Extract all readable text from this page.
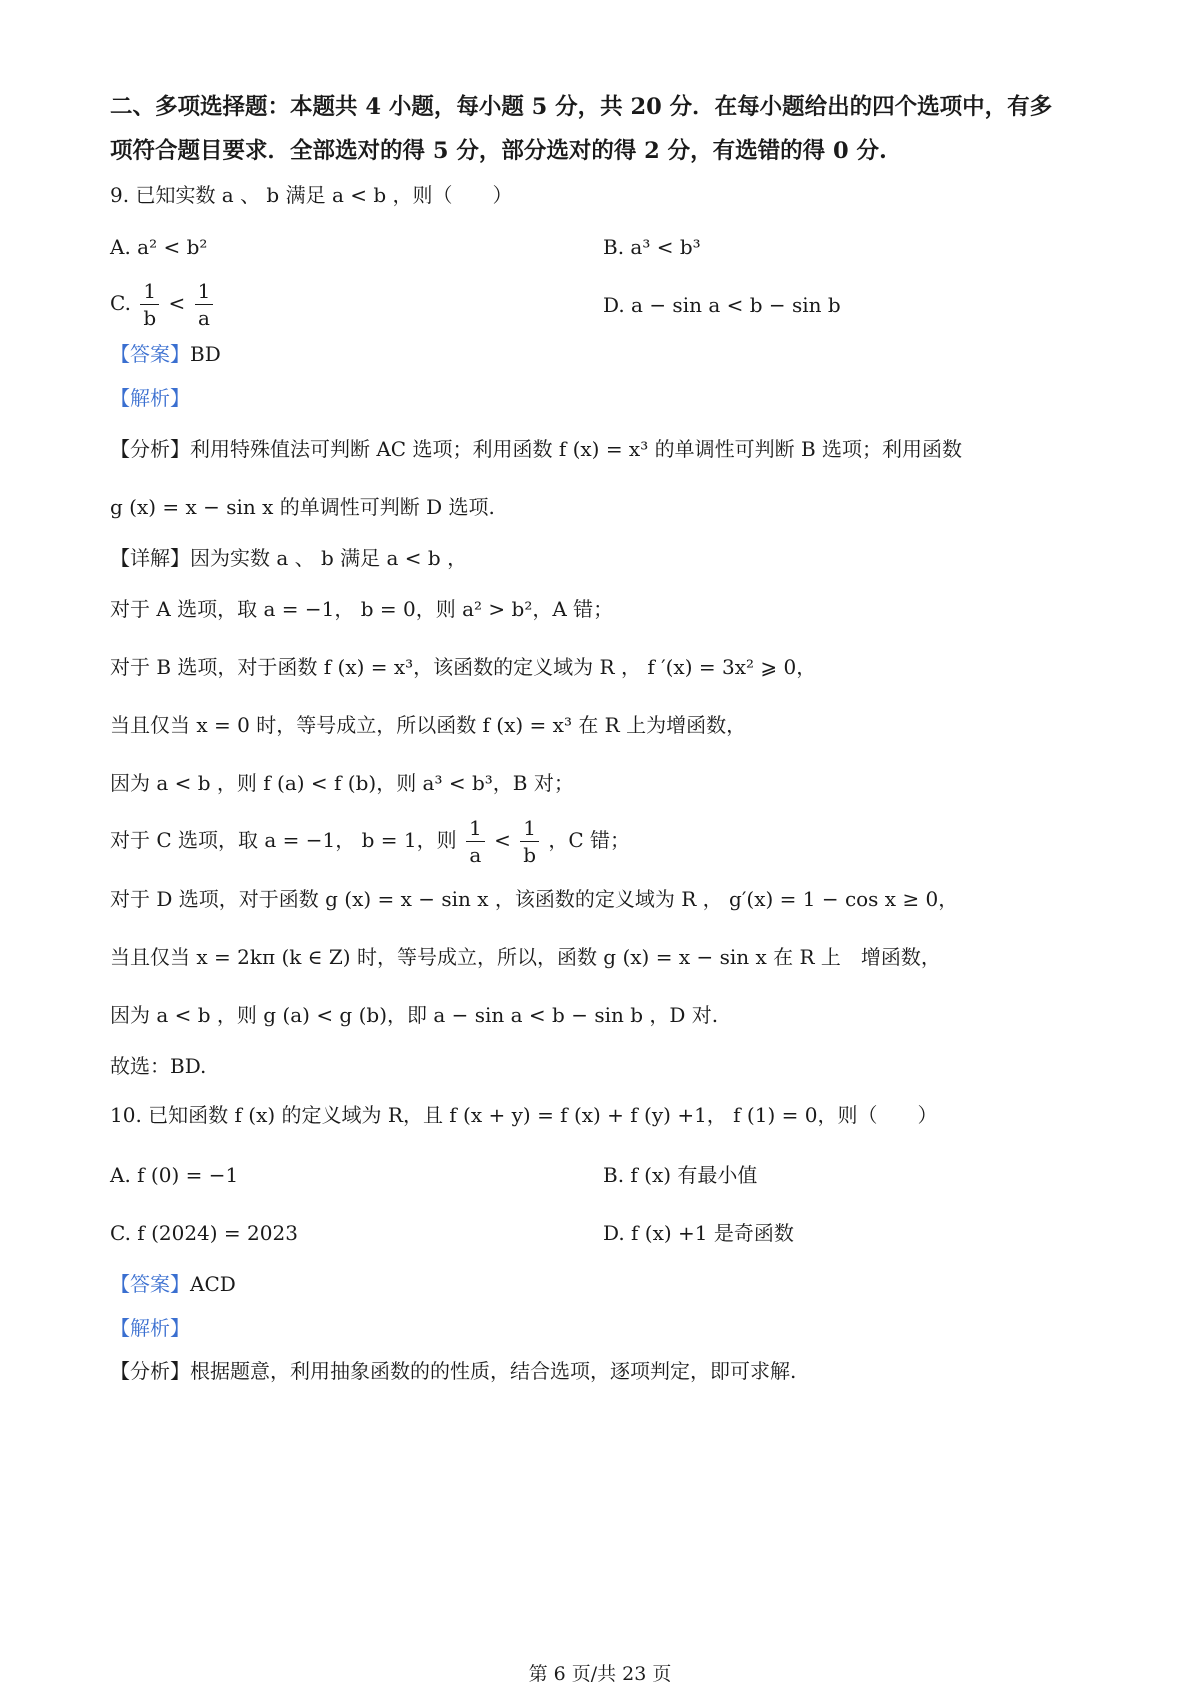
二、多项选择题：本题共 4 小题，每小题 5 分，共 20 分．在每小题给出的四个选项中，有多
项符合题目要求．全部选对的得 5 分，部分选对的得 2 分，有选错的得 0 分.
9. 已知实数 a 、 b 满足 a < b ，则（　　）
A. a² < b²	B. a³ < b³
C. $\frac{1}{b} < \frac{1}{a}$	D. a − sin a < b − sin b
【答案】BD
【解析】
【分析】利用特殊值法可判断 AC 选项；利用函数 f (x) = x³ 的单调性可判断 B 选项；利用函数
g (x) = x − sin x 的单调性可判断 D 选项.
【详解】因为实数 a 、 b 满足 a < b ，
对于 A 选项，取 a = −1， b = 0，则 a² > b²，A 错；
对于 B 选项，对于函数 f (x) = x³，该函数的定义域为 R ， f ′(x) = 3x² ⩾ 0，
当且仅当 x = 0 时，等号成立，所以函数 f (x) = x³ 在 R 上为增函数，
因为 a < b ，则 f (a) < f (b)，则 a³ < b³，B 对；
对于 C 选项，取 a = −1， b = 1，则 $\frac{1}{a} < \frac{1}{b}$ ，C 错；
对于 D 选项，对于函数 g (x) = x − sin x ，该函数的定义域为 R ， g′(x) = 1 − cos x ≥ 0，
当且仅当 x = 2kπ (k ∈ Z) 时，等号成立，所以，函数 g (x) = x − sin x 在 R 上　增函数，
因为 a < b ，则 g (a) < g (b)，即 a − sin a < b − sin b ，D 对.
故选：BD.
10. 已知函数 f (x) 的定义域为 R，且 f (x + y) = f (x) + f (y) +1， f (1) = 0，则（　　）
A. f (0) = −1	B. f (x) 有最小值
C. f (2024) = 2023	D. f (x) +1 是奇函数
【答案】ACD
【解析】
【分析】根据题意，利用抽象函数的的性质，结合选项，逐项判定，即可求解.
第 6 页/共 23 页
